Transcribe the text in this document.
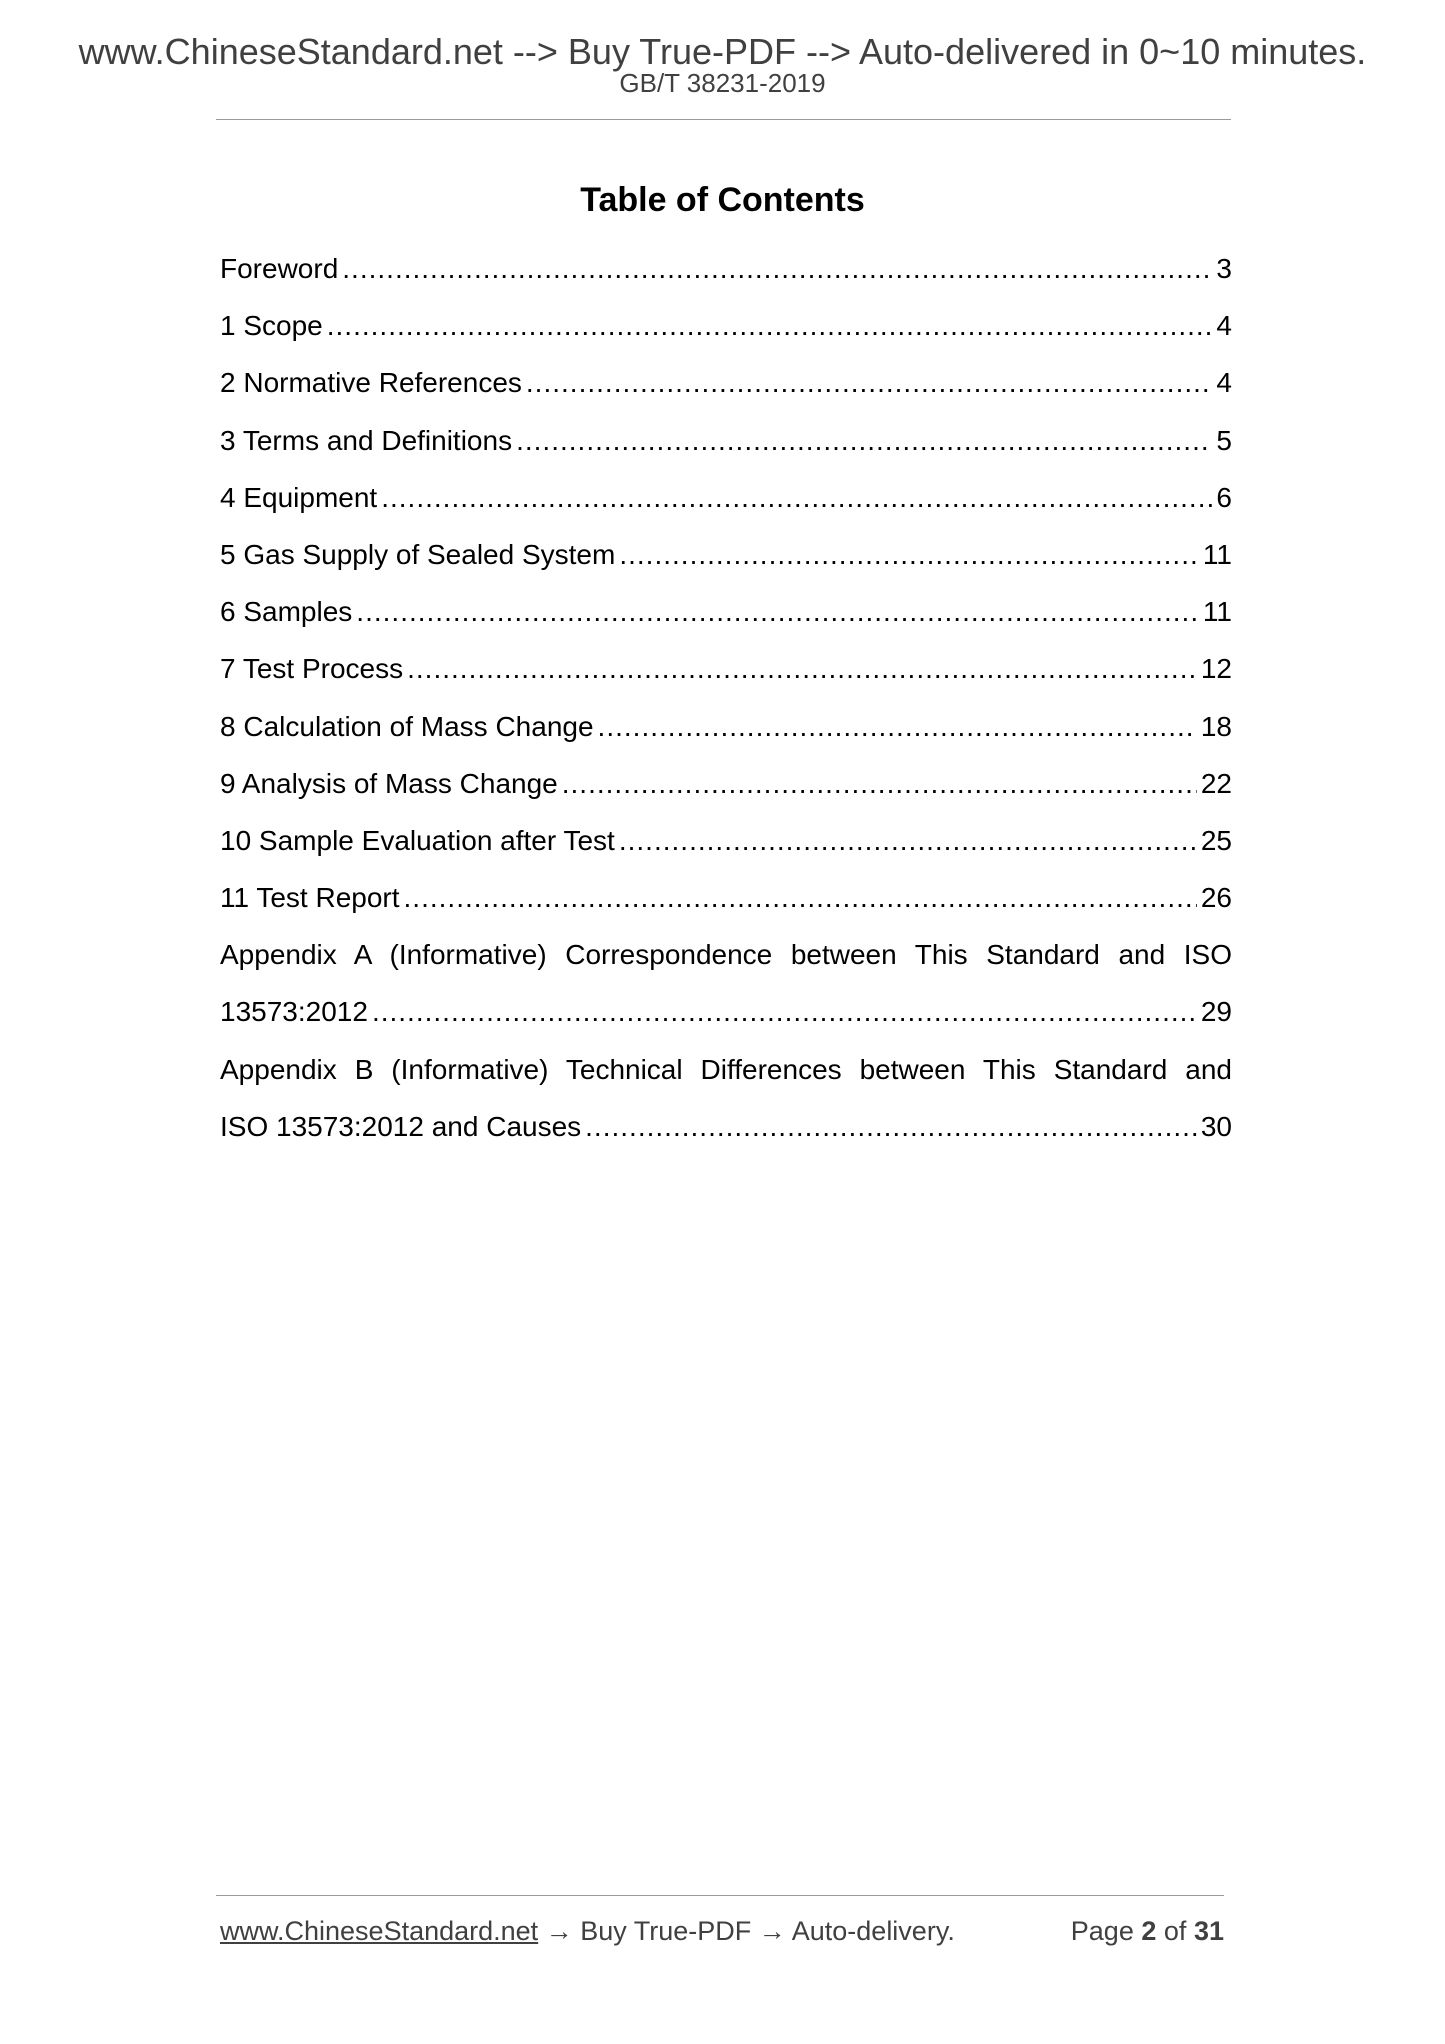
www.ChineseStandard.net --> Buy True-PDF --> Auto-delivered in 0~10 minutes.
GB/T 38231-2019
Table of Contents
Foreword .....	3
1 Scope .....	4
2 Normative References .....	4
3 Terms and Definitions .....	5
4 Equipment .....	6
5 Gas Supply of Sealed System .....	11
6 Samples .....	11
7 Test Process .....	12
8 Calculation of Mass Change .....	18
9 Analysis of Mass Change .....	22
10 Sample Evaluation after Test .....	25
11 Test Report .....	26
Appendix A (Informative) Correspondence between This Standard and ISO
13573:2012 .....	29
Appendix B (Informative) Technical Differences between This Standard and
ISO 13573:2012 and Causes .....	30
www.ChineseStandard.net → Buy True-PDF → Auto-delivery.	Page 2 of 31
